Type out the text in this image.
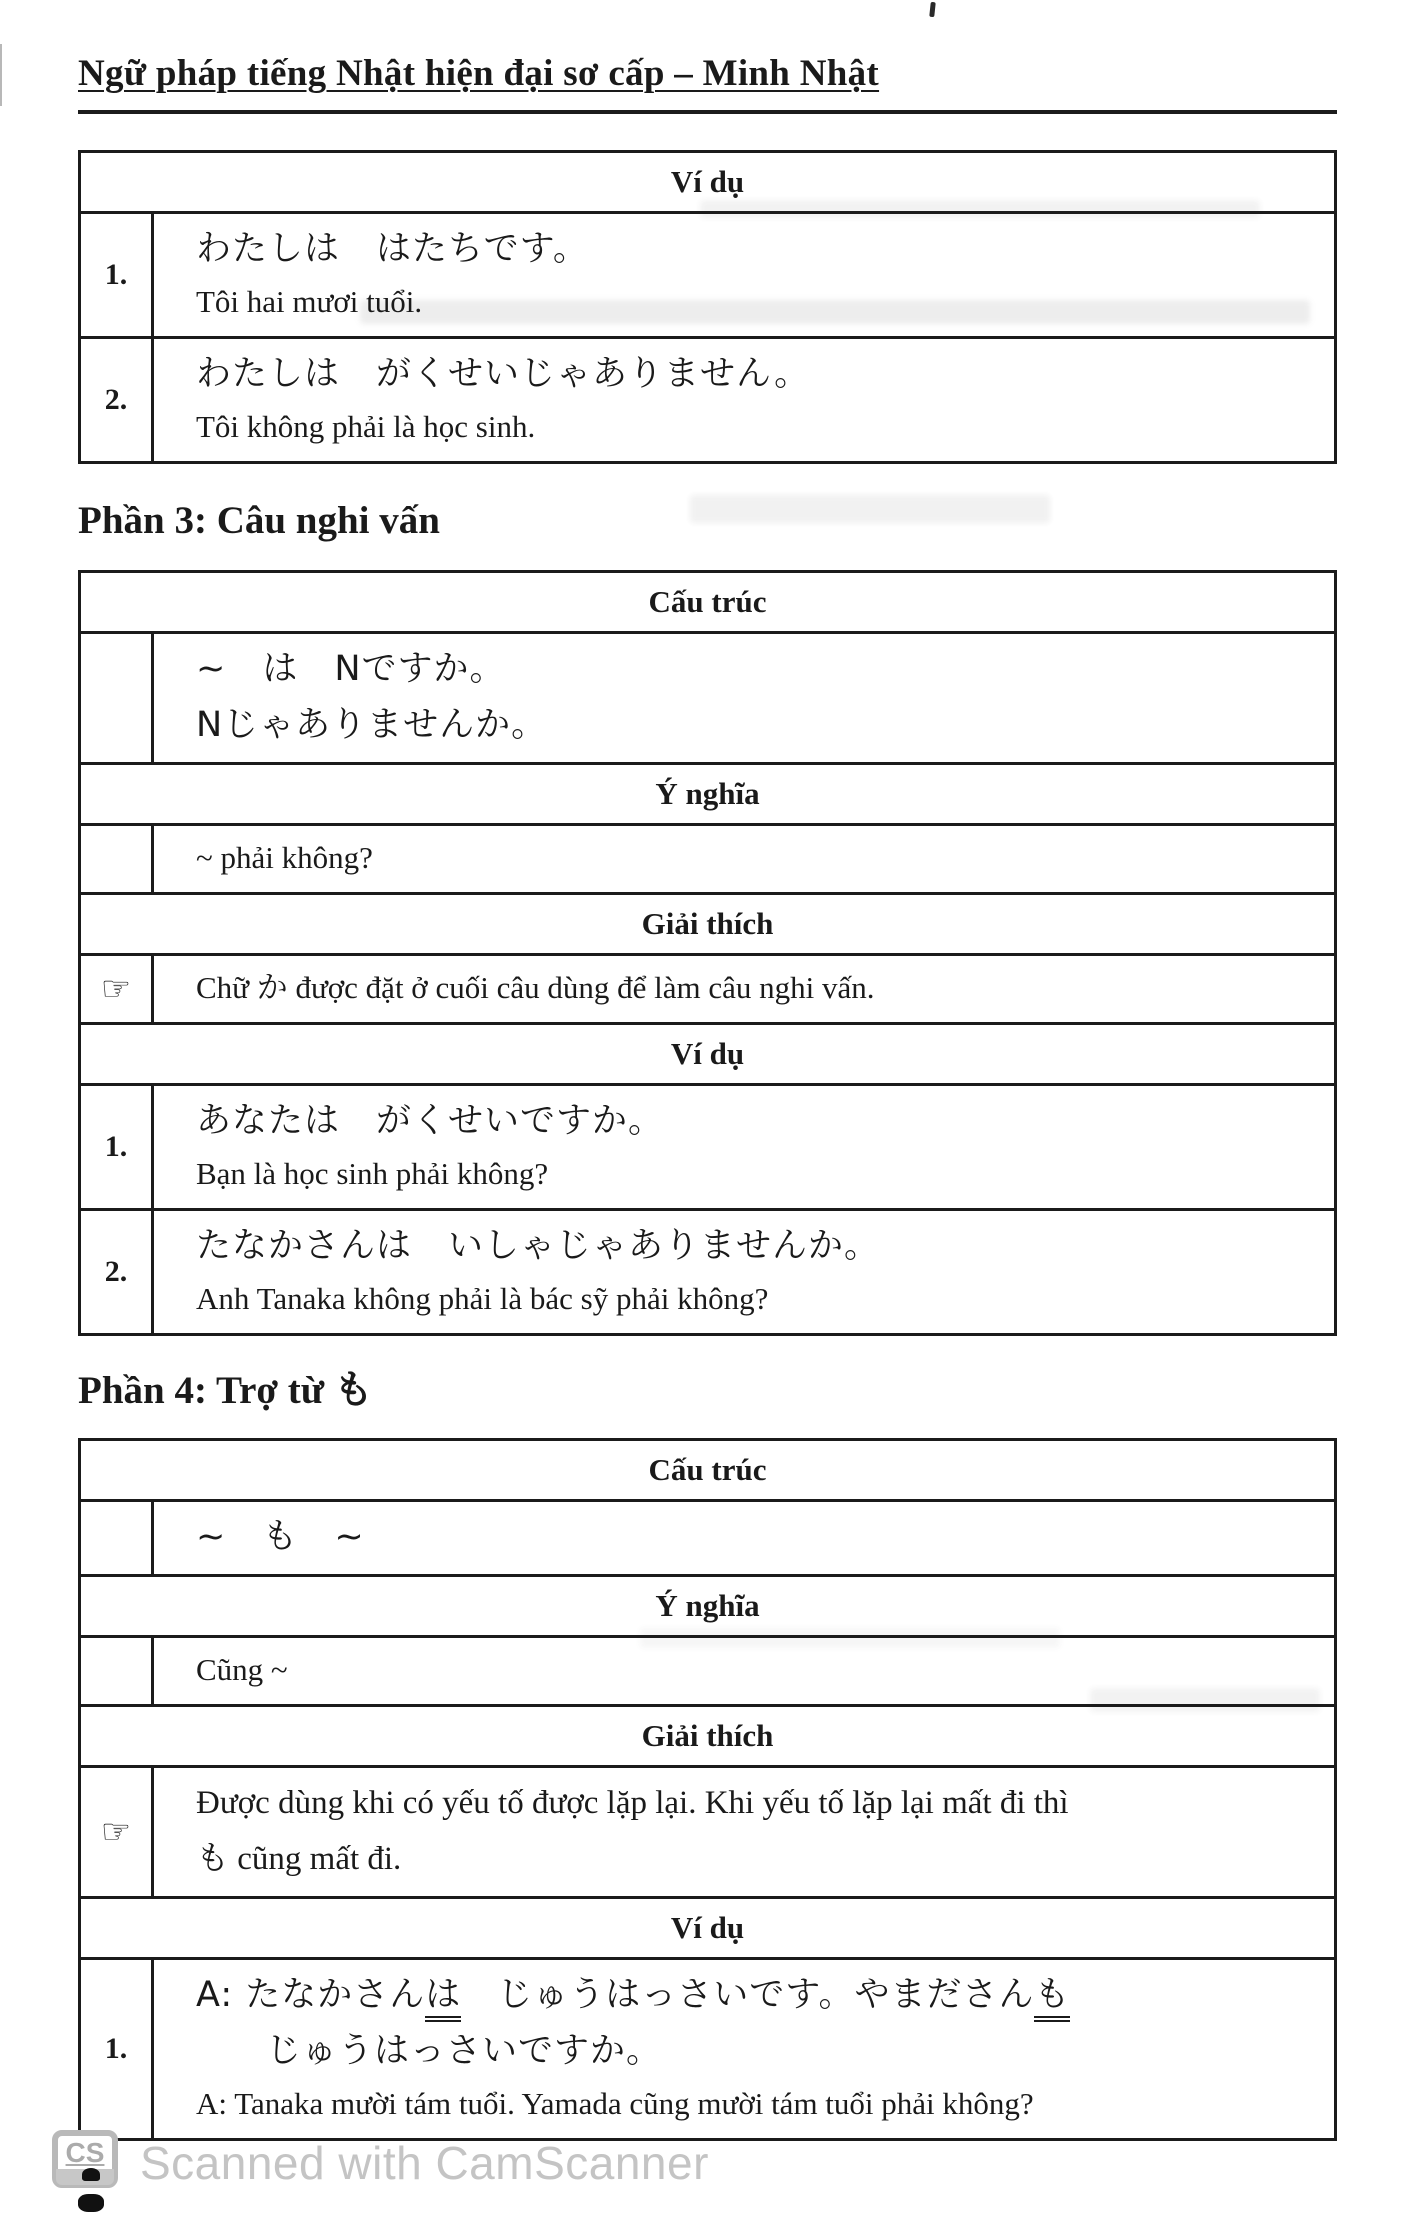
Ngữ pháp tiếng Nhật hiện đại sơ cấp – Minh Nhật
Ví dụ
1.
わたしは　はたちです。
Tôi hai mươi tuổi.
2.
わたしは　がくせいじゃありません。
Tôi không phải là học sinh.
Phần 3: Câu nghi vấn
Cấu trúc
~　は　Nですか。
Nじゃありませんか。
Ý nghĩa
~ phải không?
Giải thích
☞	Chữ か được đặt ở cuối câu dùng để làm câu nghi vấn.
Ví dụ
1.
あなたは　がくせいですか。
Bạn là học sinh phải không?
2.
たなかさんは　いしゃじゃありませんか。
Anh Tanaka không phải là bác sỹ phải không?
Phần 4: Trợ từ も
Cấu trúc
~　も　~
Ý nghĩa
Cũng ~
Giải thích
☞
Được dùng khi có yếu tố được lặp lại. Khi yếu tố lặp lại mất đi thì
も cũng mất đi.
Ví dụ
1.
A: たなかさんは　じゅうはっさいです。やまださんも
じゅうはっさいですか。
A: Tanaka mười tám tuổi. Yamada cũng mười tám tuổi phải không?
CS Scanned with CamScanner
